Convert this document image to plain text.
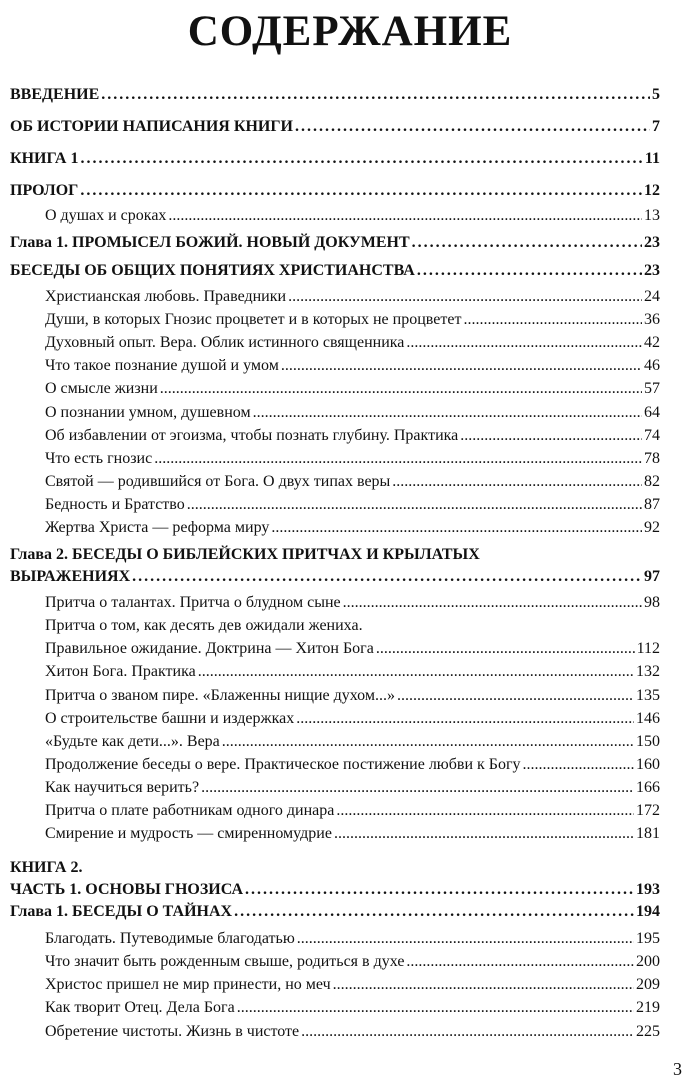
СОДЕРЖАНИЕ
ВВЕДЕНИЕ . . .	5
ОБ ИСТОРИИ НАПИСАНИЯ КНИГИ . . .	7
КНИГА 1 . . .	11
ПРОЛОГ . . .	12
О душах и сроках . . .	13
Глава 1. ПРОМЫСЕЛ БОЖИЙ. НОВЫЙ ДОКУМЕНТ . . .	23
БЕСЕДЫ ОБ ОБЩИХ ПОНЯТИЯХ ХРИСТИАНСТВА . . .	23
Христианская любовь. Праведники . . .	24
Души, в которых Гнозис процветет и в которых не процветет . . .	36
Духовный опыт. Вера. Облик истинного священника . . .	42
Что такое познание душой и умом . . .	46
О смысле жизни . . .	57
О познании умном, душевном . . .	64
Об избавлении от эгоизма, чтобы познать глубину. Практика . . .	74
Что есть гнозис . . .	78
Святой — родившийся от Бога. О двух типах веры . . .	82
Бедность и Братство . . .	87
Жертва Христа — реформа миру . . .	92
Глава 2. БЕСЕДЫ О БИБЛЕЙСКИХ ПРИТЧАХ И КРЫЛАТЫХ
ВЫРАЖЕНИЯХ . . .	97
Притча о талантах. Притча о блудном сыне . . .	98
Притча о том, как десять дев ожидали жениха.
Правильное ожидание. Доктрина — Хитон Бога . . .	112
Хитон Бога. Практика . . .	132
Притча о званом пире. «Блаженны нищие духом...» . . .	135
О строительстве башни и издержках . . .	146
«Будьте как дети...». Вера . . .	150
Продолжение беседы о вере. Практическое постижение любви к Богу . . .	160
Как научиться верить? . . .	166
Притча о плате работникам одного динара . . .	172
Смирение и мудрость — смиренномудрие . . .	181
КНИГА 2.
ЧАСТЬ 1. ОСНОВЫ ГНОЗИСА . . .	193
Глава 1. БЕСЕДЫ О ТАЙНАХ . . .	194
Благодать. Путеводимые благодатью . . .	195
Что значит быть рожденным свыше, родиться в духе . . .	200
Христос пришел не мир принести, но меч . . .	209
Как творит Отец. Дела Бога . . .	219
Обретение чистоты. Жизнь в чистоте . . .	225
3
